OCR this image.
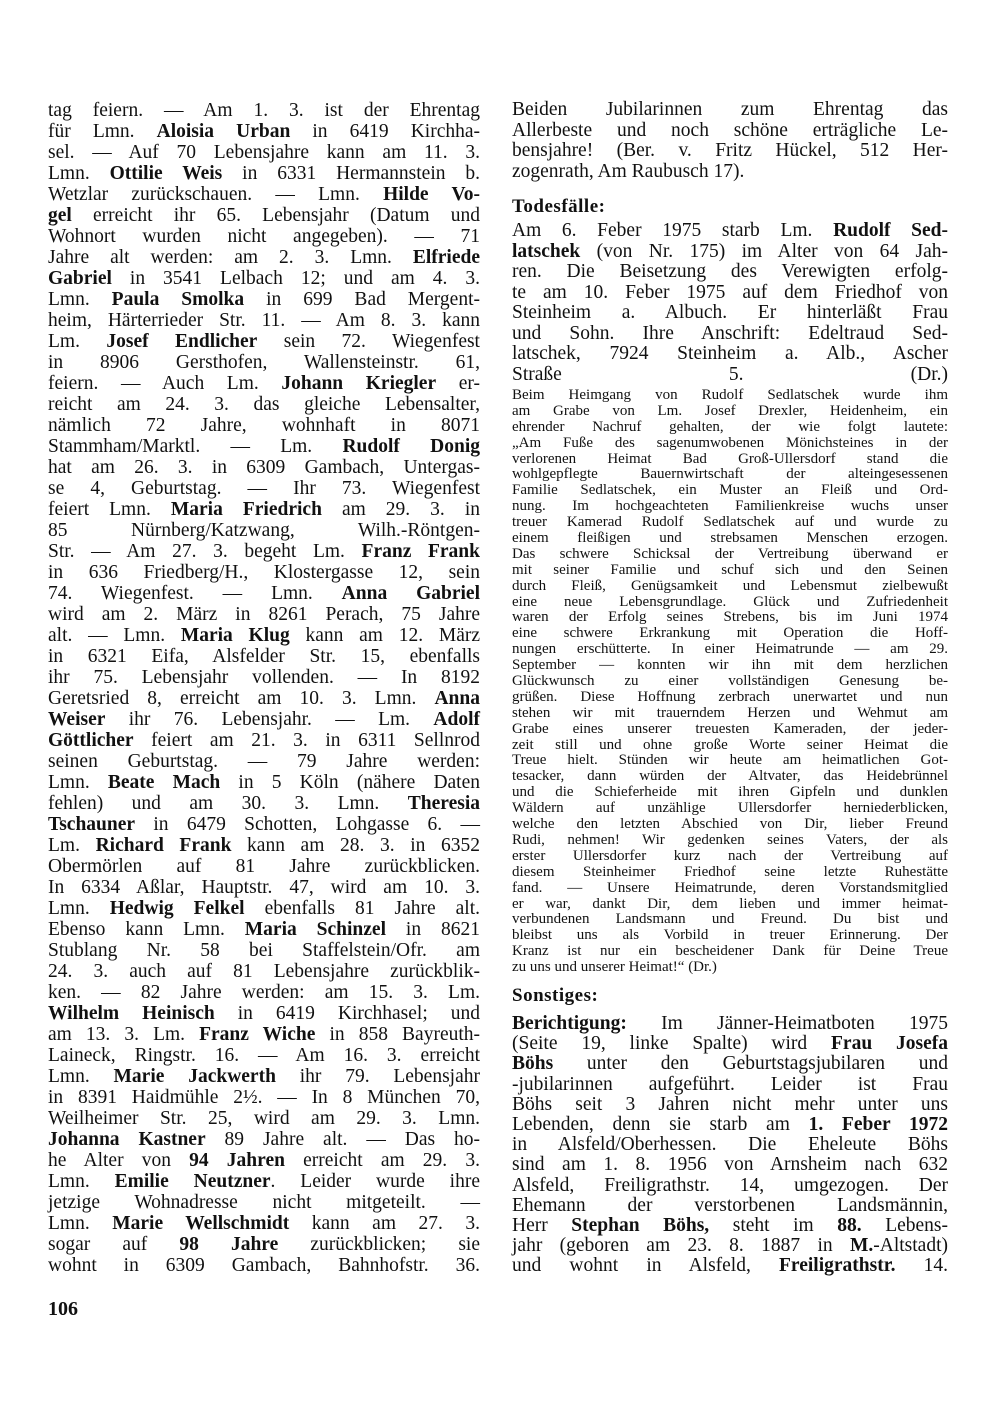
tag feiern. — Am 1. 3. ist der Ehrentag
für Lmn. Aloisia Urban in 6419 Kirchha-
sel. — Auf 70 Lebensjahre kann am 11. 3.
Lmn. Ottilie Weis in 6331 Hermannstein b.
Wetzlar zurückschauen. — Lmn. Hilde Vo-
gel erreicht ihr 65. Lebensjahr (Datum und
Wohnort wurden nicht angegeben). — 71
Jahre alt werden: am 2. 3. Lmn. Elfriede
Gabriel in 3541 Lelbach 12; und am 4. 3.
Lmn. Paula Smolka in 699 Bad Mergent-
heim, Härterrieder Str. 11. — Am 8. 3. kann
Lm. Josef Endlicher sein 72. Wiegenfest
in 8906 Gersthofen, Wallensteinstr. 61,
feiern. — Auch Lm. Johann Kriegler er-
reicht am 24. 3. das gleiche Lebensalter,
nämlich 72 Jahre, wohnhaft in 8071
Stammham/Marktl. — Lm. Rudolf Donig
hat am 26. 3. in 6309 Gambach, Untergas-
se 4, Geburtstag. — Ihr 73. Wiegenfest
feiert Lmn. Maria Friedrich am 29. 3. in
85 Nürnberg/Katzwang, Wilh.-Röntgen-
Str. — Am 27. 3. begeht Lm. Franz Frank
in 636 Friedberg/H., Klostergasse 12, sein
74. Wiegenfest. — Lmn. Anna Gabriel
wird am 2. März in 8261 Perach, 75 Jahre
alt. — Lmn. Maria Klug kann am 12. März
in 6321 Eifa, Alsfelder Str. 15, ebenfalls
ihr 75. Lebensjahr vollenden. — In 8192
Geretsried 8, erreicht am 10. 3. Lmn. Anna
Weiser ihr 76. Lebensjahr. — Lm. Adolf
Göttlicher feiert am 21. 3. in 6311 Sellnrod
seinen Geburtstag. — 79 Jahre werden:
Lmn. Beate Mach in 5 Köln (nähere Daten
fehlen) und am 30. 3. Lmn. Theresia
Tschauner in 6479 Schotten, Lohgasse 6. —
Lm. Richard Frank kann am 28. 3. in 6352
Obermörlen auf 81 Jahre zurückblicken.
In 6334 Aßlar, Hauptstr. 47, wird am 10. 3.
Lmn. Hedwig Felkel ebenfalls 81 Jahre alt.
Ebenso kann Lmn. Maria Schinzel in 8621
Stublang Nr. 58 bei Staffelstein/Ofr. am
24. 3. auch auf 81 Lebensjahre zurückblik-
ken. — 82 Jahre werden: am 15. 3. Lm.
Wilhelm Heinisch in 6419 Kirchhasel; und
am 13. 3. Lm. Franz Wiche in 858 Bayreuth-
Laineck, Ringstr. 16. — Am 16. 3. erreicht
Lmn. Marie Jackwerth ihr 79. Lebensjahr
in 8391 Haidmühle 2½. — In 8 München 70,
Weilheimer Str. 25, wird am 29. 3. Lmn.
Johanna Kastner 89 Jahre alt. — Das ho-
he Alter von 94 Jahren erreicht am 29. 3.
Lmn. Emilie Neutzner. Leider wurde ihre
jetzige Wohnadresse nicht mitgeteilt. —
Lmn. Marie Wellschmidt kann am 27. 3.
sogar auf 98 Jahre zurückblicken; sie
wohnt in 6309 Gambach, Bahnhofstr. 36.
Beiden Jubilarinnen zum Ehrentag das
Allerbeste und noch schöne erträgliche Le-
bensjahre! (Ber. v. Fritz Hückel, 512 Her-
zogenrath, Am Raubusch 17).
Todesfälle:
Am 6. Feber 1975 starb Lm. Rudolf Sed-
latschek (von Nr. 175) im Alter von 64 Jah-
ren. Die Beisetzung des Verewigten erfolg-
te am 10. Feber 1975 auf dem Friedhof von
Steinheim a. Albuch. Er hinterläßt Frau
und Sohn. Ihre Anschrift: Edeltraud Sed-
latschek, 7924 Steinheim a. Alb., Ascher
Straße 5. (Dr.)
Beim Heimgang von Rudolf Sedlatschek wurde ihm
am Grabe von Lm. Josef Drexler, Heidenheim, ein
ehrender Nachruf gehalten, der wie folgt lautete:
„Am Fuße des sagenumwobenen Mönichsteines in der
verlorenen Heimat Bad Groß-Ullersdorf stand die
wohlgepflegte Bauernwirtschaft der alteingesessenen
Familie Sedlatschek, ein Muster an Fleiß und Ord-
nung. Im hochgeachteten Familienkreise wuchs unser
treuer Kamerad Rudolf Sedlatschek auf und wurde zu
einem fleißigen und strebsamen Menschen erzogen.
Das schwere Schicksal der Vertreibung überwand er
mit seiner Familie und schuf sich und den Seinen
durch Fleiß, Genügsamkeit und Lebensmut zielbewußt
eine neue Lebensgrundlage. Glück und Zufriedenheit
waren der Erfolg seines Strebens, bis im Juni 1974
eine schwere Erkrankung mit Operation die Hoff-
nungen erschütterte. In einer Heimatrunde — am 29.
September — konnten wir ihn mit dem herzlichen
Glückwunsch zu einer vollständigen Genesung be-
grüßen. Diese Hoffnung zerbrach unerwartet und nun
stehen wir mit trauerndem Herzen und Wehmut am
Grabe eines unserer treuesten Kameraden, der jeder-
zeit still und ohne große Worte seiner Heimat die
Treue hielt. Stünden wir heute am heimatlichen Got-
tesacker, dann würden der Altvater, das Heidebrünnel
und die Schieferheide mit ihren Gipfeln und dunklen
Wäldern auf unzählige Ullersdorfer herniederblicken,
welche den letzten Abschied von Dir, lieber Freund
Rudi, nehmen! Wir gedenken seines Vaters, der als
erster Ullersdorfer kurz nach der Vertreibung auf
diesem Steinheimer Friedhof seine letzte Ruhestätte
fand. — Unsere Heimatrunde, deren Vorstandsmitglied
er war, dankt Dir, dem lieben und immer heimat-
verbundenen Landsmann und Freund. Du bist und
bleibst uns als Vorbild in treuer Erinnerung. Der
Kranz ist nur ein bescheidener Dank für Deine Treue
zu uns und unserer Heimat!“ (Dr.)
Sonstiges:
Berichtigung: Im Jänner-Heimatboten 1975
(Seite 19, linke Spalte) wird Frau Josefa
Böhs unter den Geburtstagsjubilaren und
-jubilarinnen aufgeführt. Leider ist Frau
Böhs seit 3 Jahren nicht mehr unter uns
Lebenden, denn sie starb am 1. Feber 1972
in Alsfeld/Oberhessen. Die Eheleute Böhs
sind am 1. 8. 1956 von Arnsheim nach 632
Alsfeld, Freiligrathstr. 14, umgezogen. Der
Ehemann der verstorbenen Landsmännin,
Herr Stephan Böhs, steht im 88. Lebens-
jahr (geboren am 23. 8. 1887 in M.-Altstadt)
und wohnt in Alsfeld, Freiligrathstr. 14.
106
